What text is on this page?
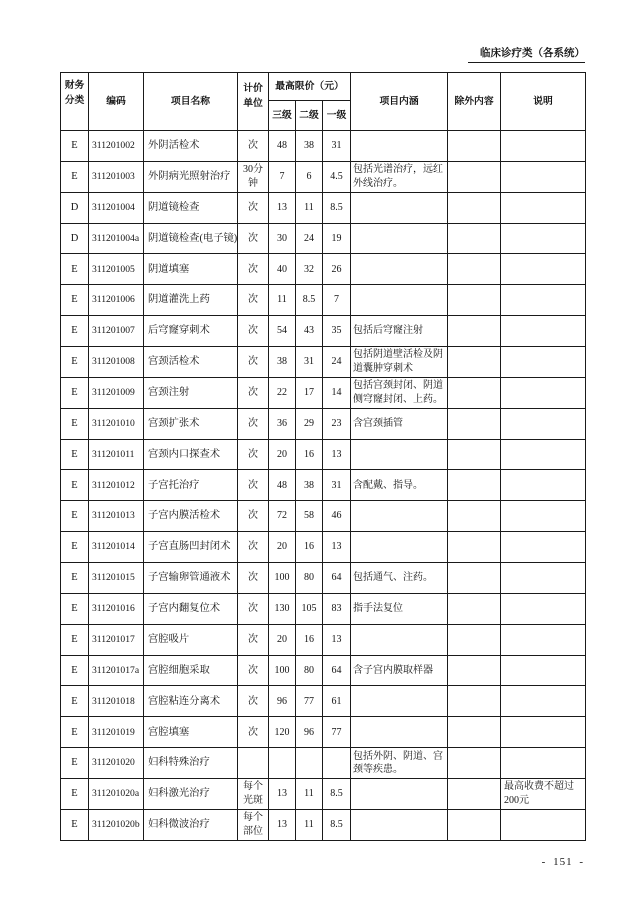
临床诊疗类（各系统）
财务分类	编码	项目名称	计价单位	最高限价（元）			项目内涵	除外内容	说明
				三级	二级	一级			
E	311201002	外阴活检术	次	48	38	31	

E	311201003	外阴病光照射治疗	30分钟	7	6	4.5	包括光谱治疗，远红外线治疗。		

D	311201004	阴道镜检查	次	13	11	8.5	

D	311201004a	阴道镜检查(电子镜)	次	30	24	19	

E	311201005	阴道填塞	次	40	32	26	

E	311201006	阴道灌洗上药	次	11	8.5	7	

E	311201007	后穹窿穿刺术	次	54	43	35	包括后穹窿注射		

E	311201008	宫颈活检术	次	38	31	24	包括阴道壁活检及阴道囊肿穿刺术		

E	311201009	宫颈注射	次	22	17	14	包括宫颈封闭、阴道侧穹窿封闭、上药。		

E	311201010	宫颈扩张术	次	36	29	23	含宫颈插管		

E	311201011	宫颈内口探查术	次	20	16	13	

E	311201012	子宫托治疗	次	48	38	31	含配戴、指导。		

E	311201013	子宫内膜活检术	次	72	58	46	

E	311201014	子宫直肠凹封闭术	次	20	16	13	

E	311201015	子宫输卵管通液术	次	100	80	64	包括通气、注药。		

E	311201016	子宫内翻复位术	次	130	105	83	指手法复位		

E	311201017	宫腔吸片	次	20	16	13	

E	311201017a	宫腔细胞采取	次	100	80	64	含子宫内膜取样器		

E	311201018	宫腔粘连分离术	次	96	77	61	

E	311201019	宫腔填塞	次	120	96	77	

E	311201020	妇科特殊治疗					包括外阴、阴道、宫颈等疾患。		

E	311201020a	妇科激光治疗	每个光斑	13	11	8.5			最高收费不超过200元

E	311201020b	妇科微波治疗	每个部位	13	11	8.5	

- 151 -
